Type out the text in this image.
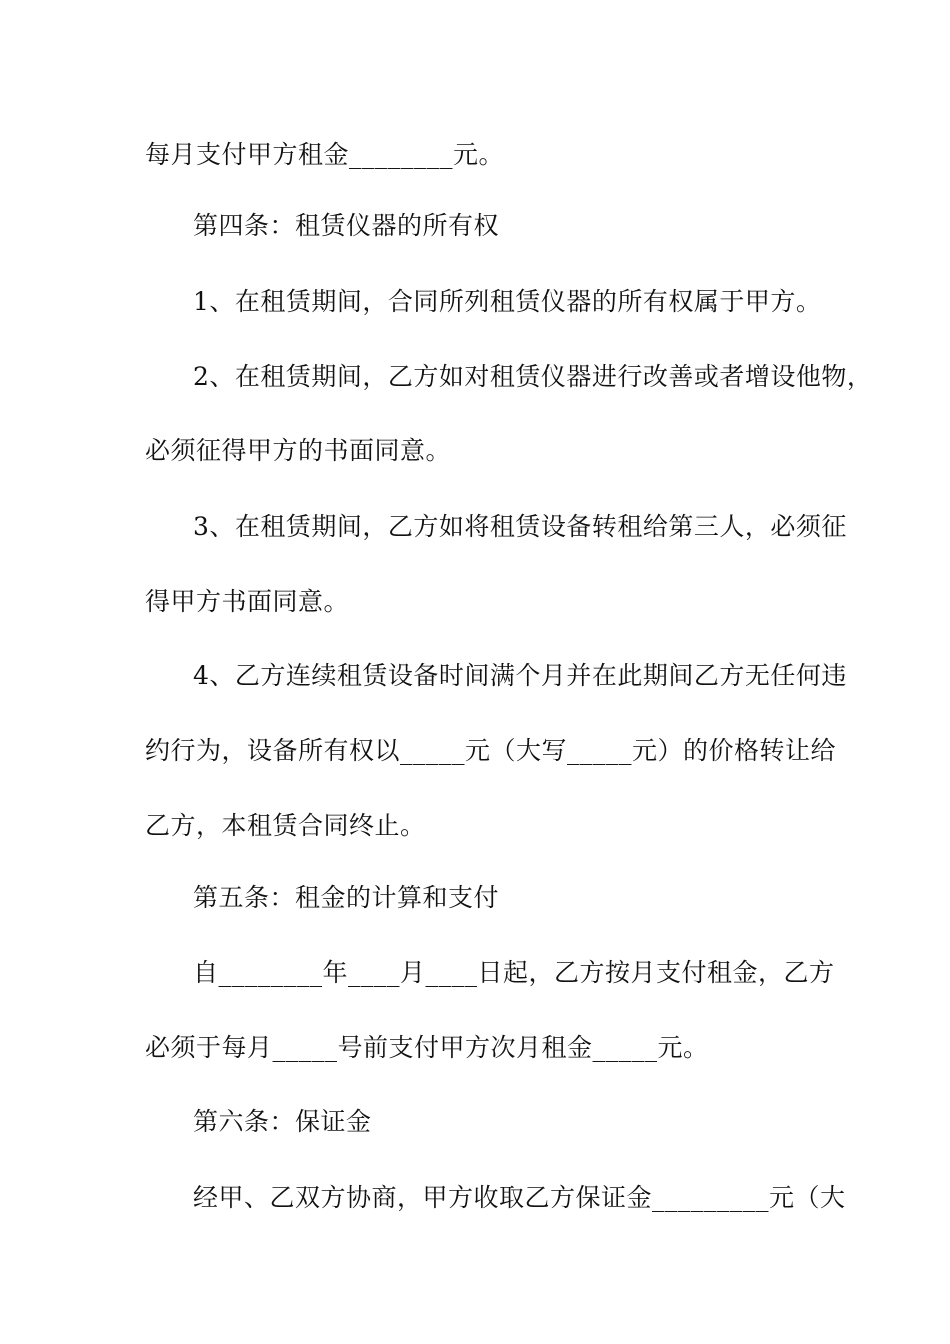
每月支付甲方租金________元。
第四条：租赁仪器的所有权
1、在租赁期间，合同所列租赁仪器的所有权属于甲方。
2、在租赁期间，乙方如对租赁仪器进行改善或者增设他物，
必须征得甲方的书面同意。
3、在租赁期间，乙方如将租赁设备转租给第三人，必须征
得甲方书面同意。
4、乙方连续租赁设备时间满个月并在此期间乙方无任何违
约行为，设备所有权以_____元（大写_____元）的价格转让给
乙方，本租赁合同终止。
第五条：租金的计算和支付
自________年____月____日起，乙方按月支付租金，乙方
必须于每月_____号前支付甲方次月租金_____元。
第六条：保证金
经甲、乙双方协商，甲方收取乙方保证金_________元（大
